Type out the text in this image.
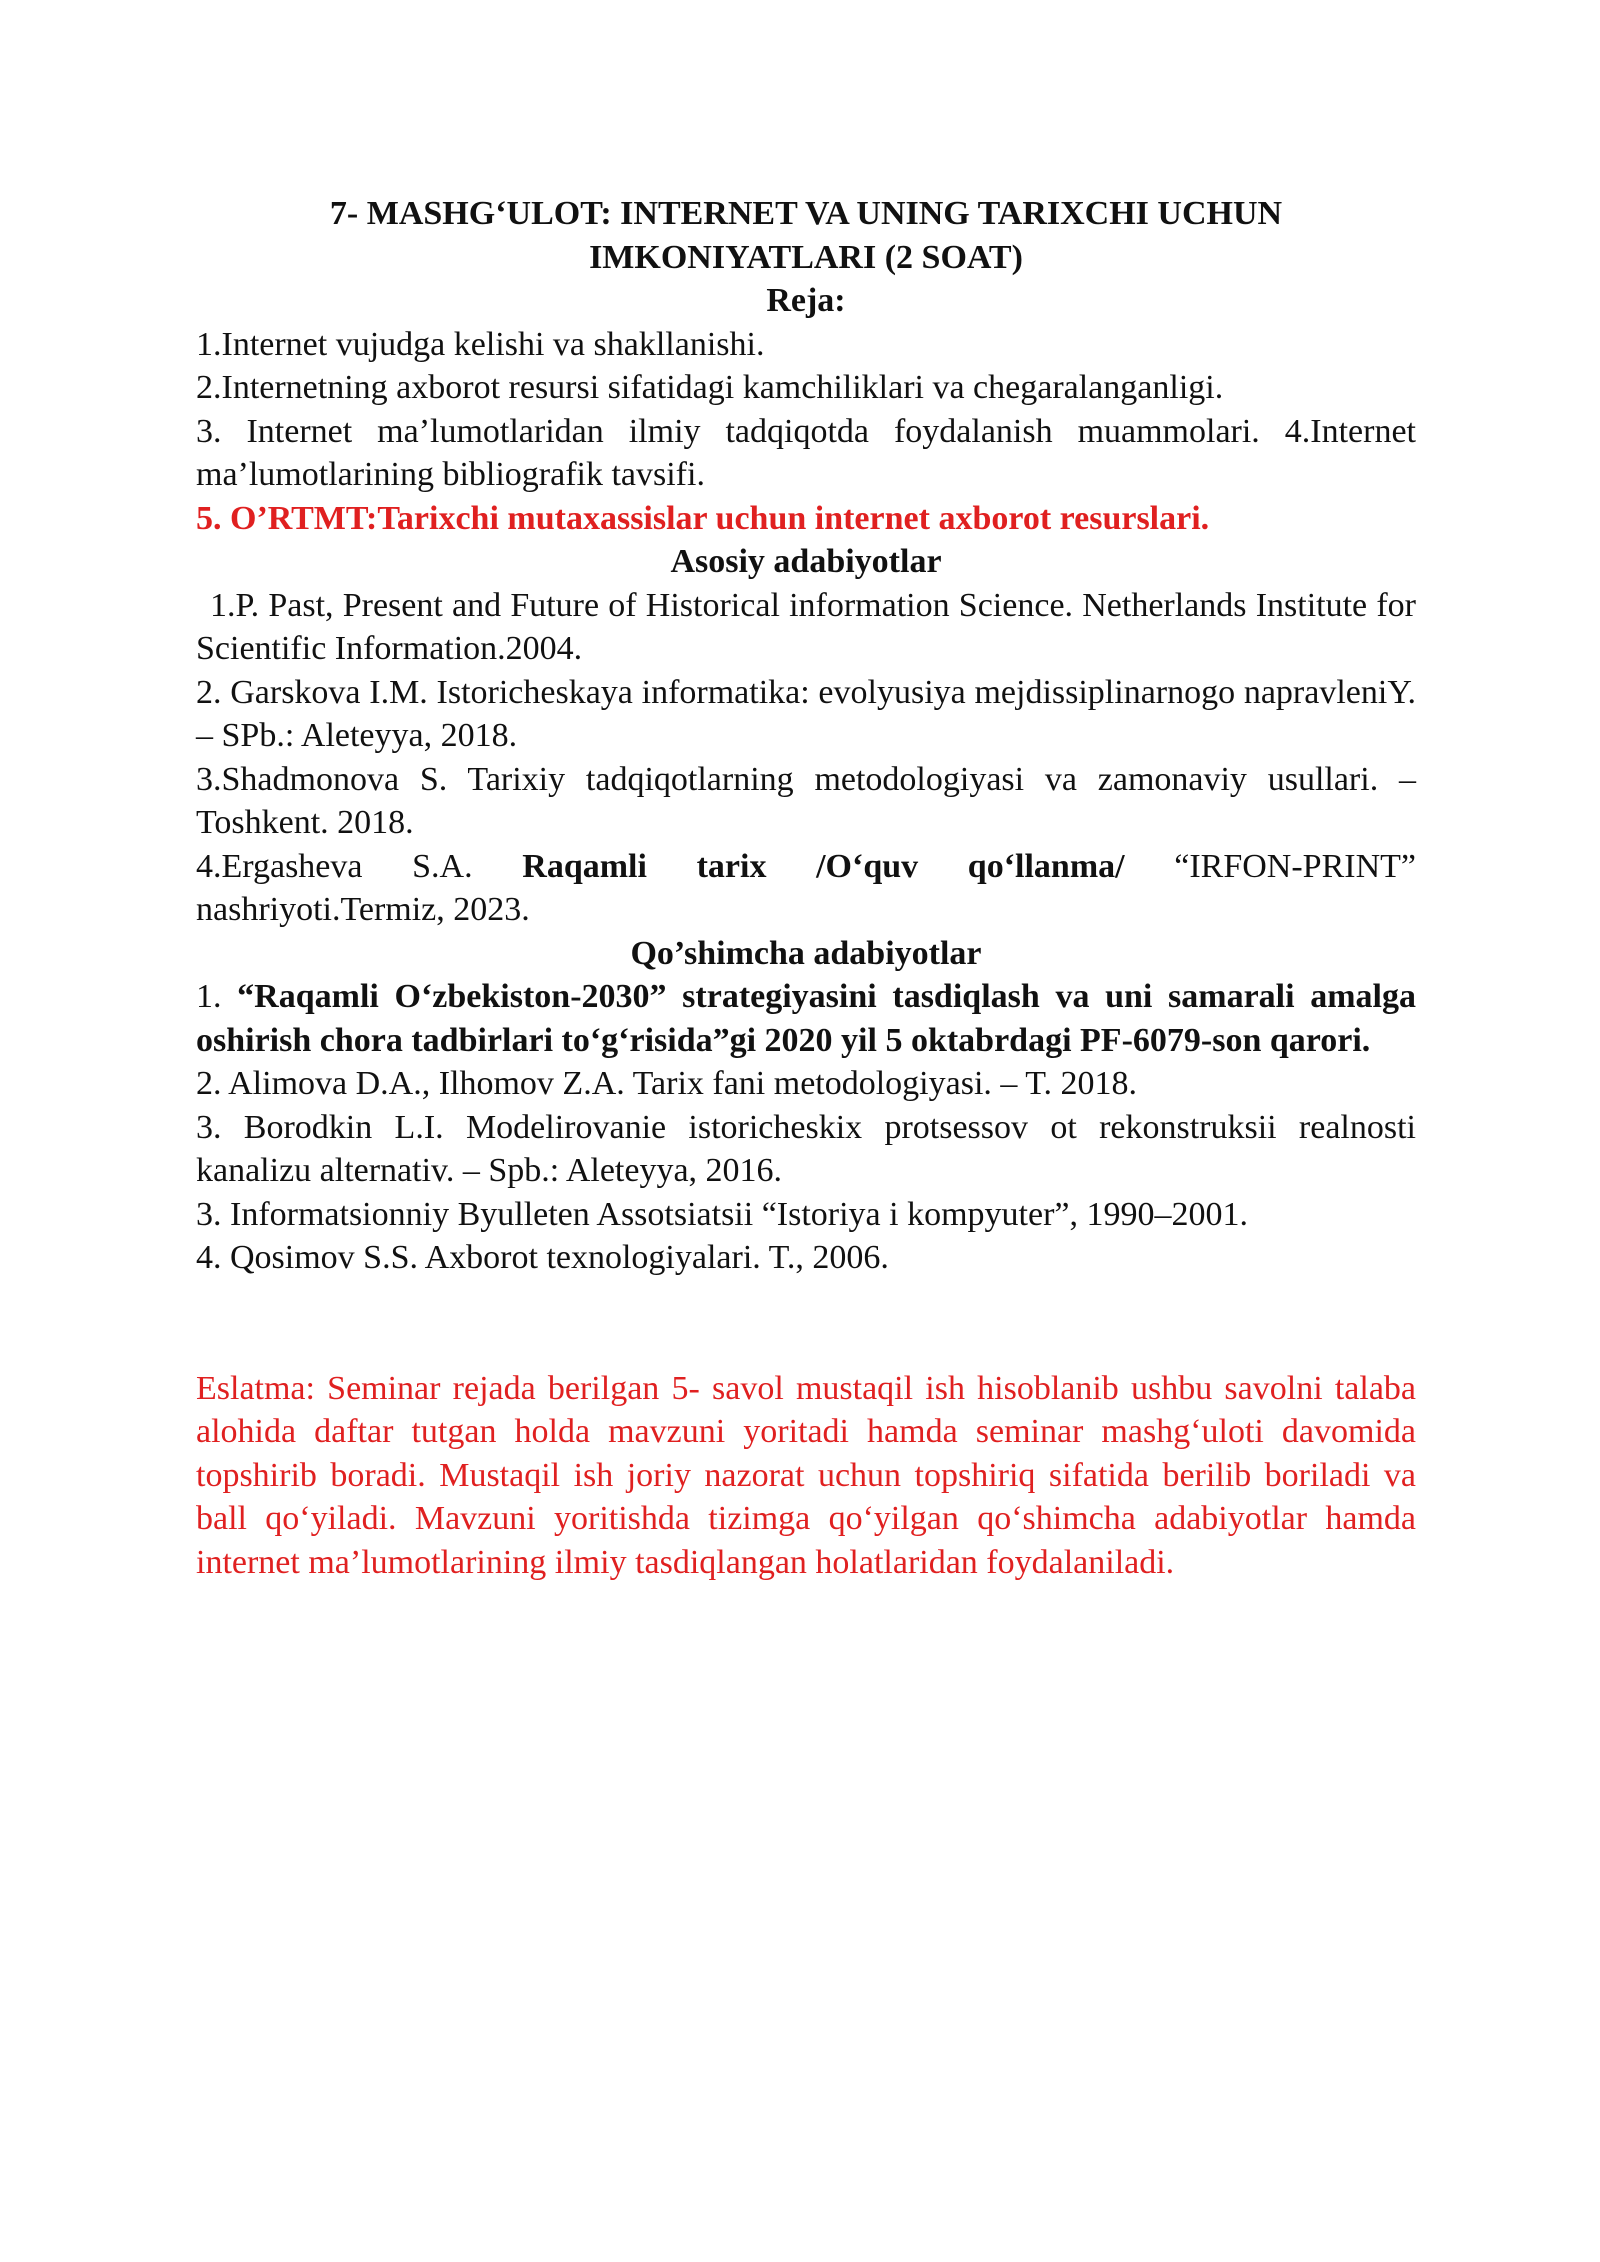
7- MASHG‘ULOT: INTERNET VA UNING TARIXCHI UCHUN
IMKONIYATLARI (2 SOAT)
Reja:
1.Internet vujudga kelishi va shakllanishi.
2.Internetning axborot resursi sifatidagi kamchiliklari va chegaralanganligi.
3. Internet ma’lumotlaridan ilmiy tadqiqotda foydalanish muammolari. 4.Internet ma’lumotlarining bibliografik tavsifi.
5. O’RTMT:Tarixchi mutaxassislar uchun internet axborot resurslari.
Asosiy adabiyotlar
1.P. Past, Present and Future of Historical information Science. Netherlands Institute for Scientific Information.2004.
2. Garskova I.M. Istoricheskaya informatika: evolyusiya mejdissiplinarnogo napravleniY. – SPb.: Aleteyya, 2018.
3.Shadmonova S. Tarixiy tadqiqotlarning metodologiyasi va zamonaviy usullari. –Toshkent. 2018.
4.Ergasheva S.A. Raqamli tarix /O‘quv qo‘llanma/ “IRFON-PRINT” nashriyoti.Termiz, 2023.
Qo’shimcha adabiyotlar
1. “Raqamli O‘zbekiston-2030” strategiyasini tasdiqlash va uni samarali amalga oshirish chora tadbirlari to‘g‘risida”gi 2020 yil 5 oktabrdagi PF-6079-son qarori.
2. Alimova D.A., Ilhomov Z.A. Tarix fani metodologiyasi. – T. 2018.
3. Borodkin L.I. Modelirovanie istoricheskix protsessov ot rekonstruksii realnosti kanalizu alternativ. – Spb.: Aleteyya, 2016.
3. Informatsionniy Byulleten Assotsiatsii “Istoriya i kompyuter”, 1990–2001.
4. Qosimov S.S. Axborot texnologiyalari. T., 2006.
Eslatma: Seminar rejada berilgan 5- savol mustaqil ish hisoblanib ushbu savolni talaba alohida daftar tutgan holda mavzuni yoritadi hamda seminar mashg‘uloti davomida topshirib boradi. Mustaqil ish joriy nazorat uchun topshiriq sifatida berilib boriladi va ball qo‘yiladi. Mavzuni yoritishda tizimga qo‘yilgan qo‘shimcha adabiyotlar hamda internet ma’lumotlarining ilmiy tasdiqlangan holatlaridan foydalaniladi.
